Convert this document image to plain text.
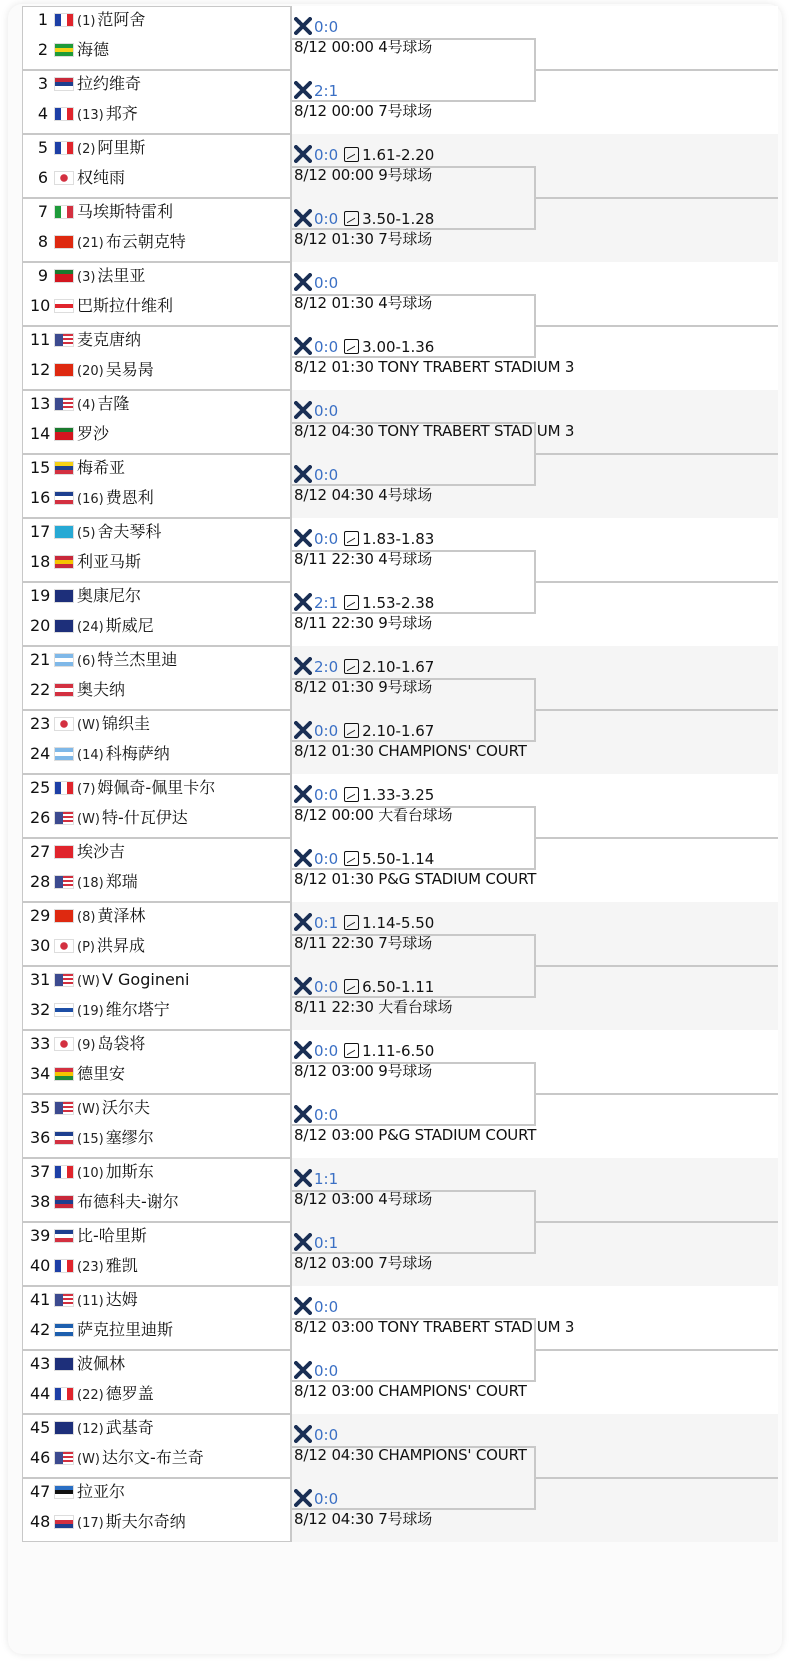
1 (1) 范阿舍
2 海德
0:0
8/12 00:00 4号球场
3 拉约维奇
4 (13) 邦齐
2:1
8/12 00:00 7号球场
5 (2) 阿里斯
6 权纯雨
0:0 1.61-2.20
8/12 00:00 9号球场
7 马埃斯特雷利
8 (21) 布云朝克特
0:0 3.50-1.28
8/12 01:30 7号球场
9 (3) 法里亚
10 巴斯拉什维利
0:0
8/12 01:30 4号球场
11 麦克唐纳
12 (20) 吴易昺
0:0 3.00-1.36
8/12 01:30 TONY TRABERT STADIUM 3
13 (4) 吉隆
14 罗沙
0:0
8/12 04:30 TONY TRABERT STADIUM 3
15 梅希亚
16 (16) 费恩利
0:0
8/12 04:30 4号球场
17 (5) 舍夫琴科
18 利亚马斯
0:0 1.83-1.83
8/11 22:30 4号球场
19 奥康尼尔
20 (24) 斯威尼
2:1 1.53-2.38
8/11 22:30 9号球场
21 (6) 特兰杰里迪
22 奥夫纳
2:0 2.10-1.67
8/12 01:30 9号球场
23 (W) 锦织圭
24 (14) 科梅萨纳
0:0 2.10-1.67
8/12 01:30 CHAMPIONS' COURT
25 (7) 姆佩奇-佩里卡尔
26 (W) 特-什瓦伊达
0:0 1.33-3.25
8/12 00:00 大看台球场
27 埃沙吉
28 (18) 郑瑞
0:0 5.50-1.14
8/12 01:30 P&G STADIUM COURT
29 (8) 黄泽林
30 (P) 洪昇成
0:1 1.14-5.50
8/11 22:30 7号球场
31 (W) V Gogineni
32 (19) 维尔塔宁
0:0 6.50-1.11
8/11 22:30 大看台球场
33 (9) 岛袋将
34 德里安
0:0 1.11-6.50
8/12 03:00 9号球场
35 (W) 沃尔夫
36 (15) 塞缪尔
0:0
8/12 03:00 P&G STADIUM COURT
37 (10) 加斯东
38 布德科夫-谢尔
1:1
8/12 03:00 4号球场
39 比-哈里斯
40 (23) 雅凯
0:1
8/12 03:00 7号球场
41 (11) 达姆
42 萨克拉里迪斯
0:0
8/12 03:00 TONY TRABERT STADIUM 3
43 波佩林
44 (22) 德罗盖
0:0
8/12 03:00 CHAMPIONS' COURT
45 (12) 武基奇
46 (W) 达尔文-布兰奇
0:0
8/12 04:30 CHAMPIONS' COURT
47 拉亚尔
48 (17) 斯夫尔奇纳
0:0
8/12 04:30 7号球场
